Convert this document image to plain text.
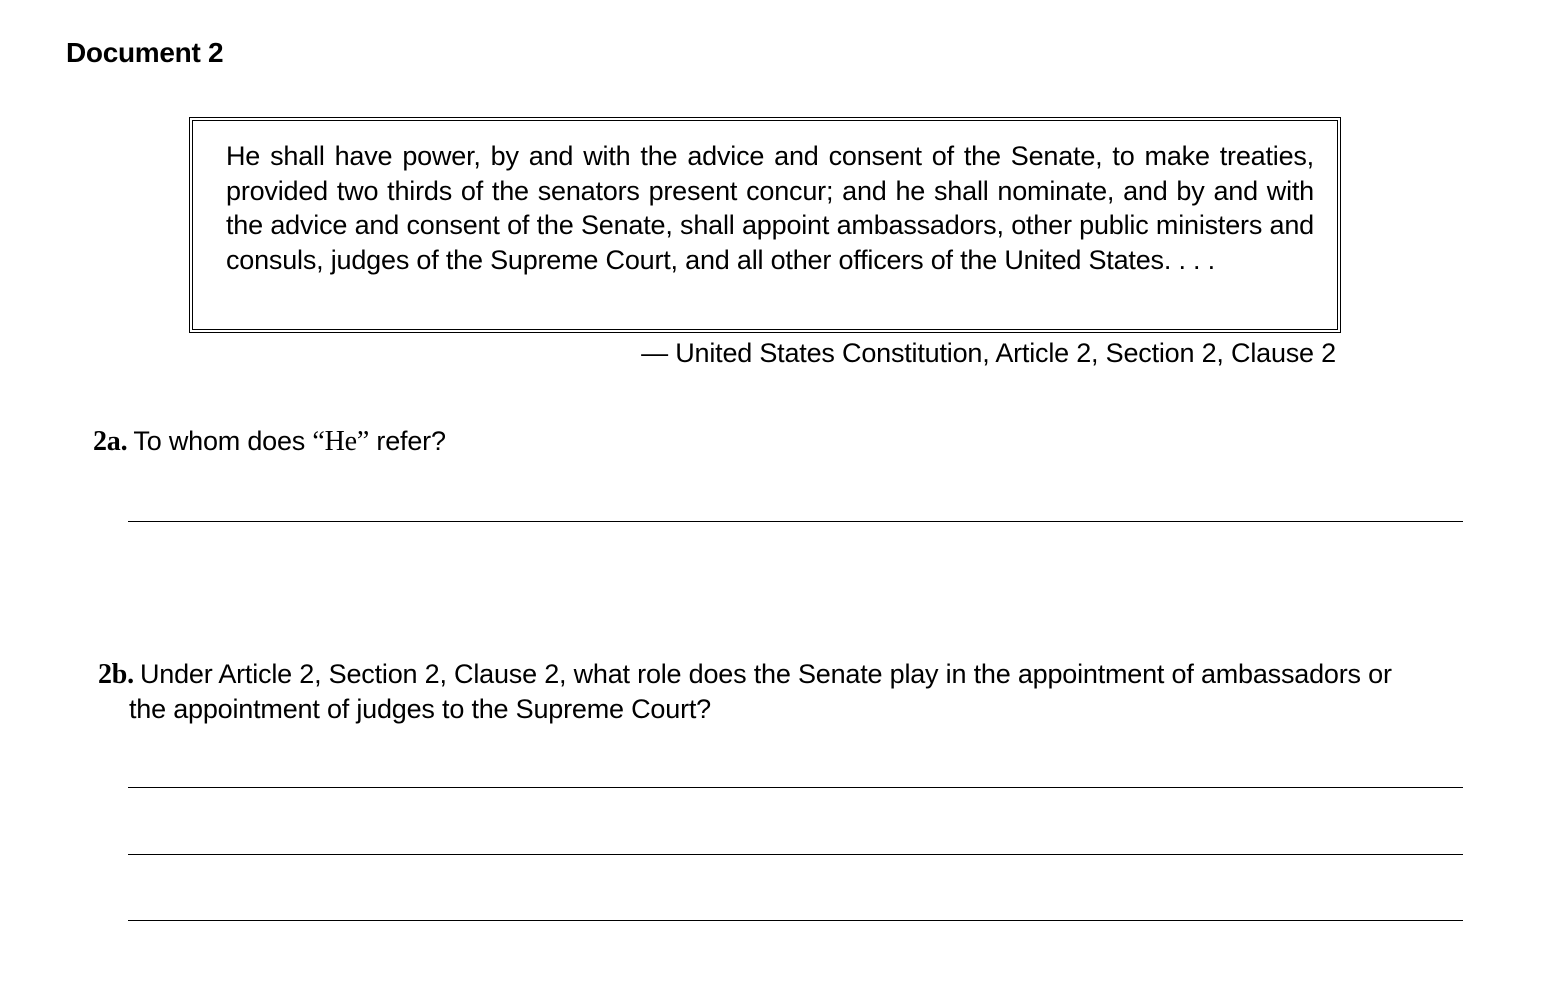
Document 2

He shall have power, by and with the advice and consent of the Senate, to make treaties, provided two thirds of the senators present concur; and he shall nominate, and by and with the advice and consent of the Senate, shall appoint ambassadors, other public ministers and consuls, judges of the Supreme Court, and all other officers of the United States. . . .

— United States Constitution, Article 2, Section 2, Clause 2
2a. To whom does “He” refer?
2b. Under Article 2, Section 2, Clause 2, what role does the Senate play in the appointment of ambassadors or
the appointment of judges to the Supreme Court?
